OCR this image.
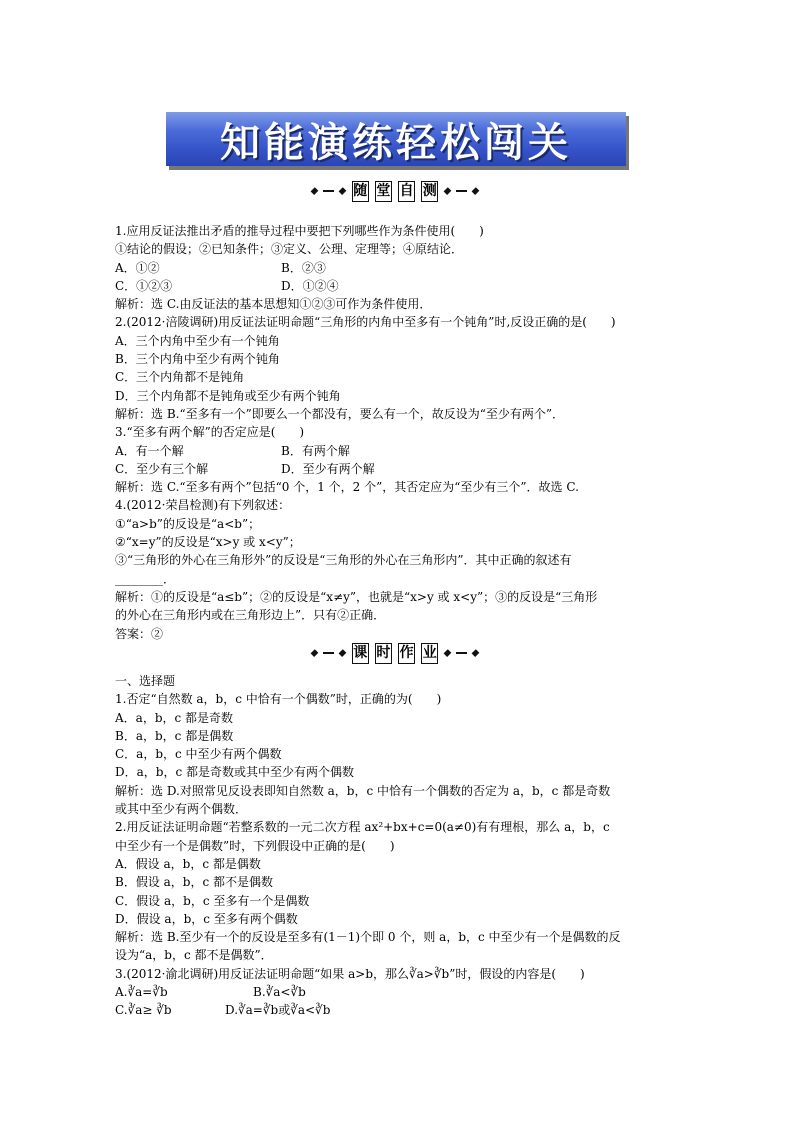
知能演练轻松闯关
随 堂 自 测
1.应用反证法推出矛盾的推导过程中要把下列哪些作为条件使用(　　)
①结论的假设；②已知条件；③定义、公理、定理等；④原结论．
A．①②	B．②③
C．①②③	D．①②④
解析：选 C.由反证法的基本思想知①②③可作为条件使用．
2.(2012·涪陵调研)用反证法证明命题“三角形的内角中至多有一个钝角”时,反设正确的是(　　)
A．三个内角中至少有一个钝角
B．三个内角中至少有两个钝角
C．三个内角都不是钝角
D．三个内角都不是钝角或至少有两个钝角
解析：选 B.“至多有一个”即要么一个都没有，要么有一个，故反设为“至少有两个”．
3.“至多有两个解”的否定应是(　　)
A．有一个解	B．有两个解
C．至少有三个解	D．至少有两个解
解析：选 C.“至多有两个”包括“0 个，1 个，2 个”，其否定应为“至少有三个”．故选 C.
4.(2012·荣昌检测)有下列叙述：
①“a>b”的反设是“a<b”；
②“x=y”的反设是“x>y 或 x<y”；
③“三角形的外心在三角形外”的反设是“三角形的外心在三角形内”．其中正确的叙述有
________．
解析：①的反设是“a≤b”；②的反设是“x≠y”，也就是“x>y 或 x<y”；③的反设是“三角形
的外心在三角形内或在三角形边上”．只有②正确．
答案：②
课 时 作 业
一、选择题
1.否定“自然数 a，b，c 中恰有一个偶数”时，正确的为(　　)
A．a，b，c 都是奇数
B．a，b，c 都是偶数
C．a，b，c 中至少有两个偶数
D．a，b，c 都是奇数或其中至少有两个偶数
解析：选 D.对照常见反设表即知自然数 a，b，c 中恰有一个偶数的否定为 a，b，c 都是奇数
或其中至少有两个偶数．
2.用反证法证明命题“若整系数的一元二次方程 ax²+bx+c=0(a≠0)有有理根，那么 a，b，c
中至少有一个是偶数”时，下列假设中正确的是(　　)
A．假设 a，b，c 都是偶数
B．假设 a，b，c 都不是偶数
C．假设 a，b，c 至多有一个是偶数
D．假设 a，b，c 至多有两个偶数
解析：选 B.至少有一个的反设是至多有(1－1)个即 0 个，则 a，b，c 中至少有一个是偶数的反
设为“a，b，c 都不是偶数”．
3.(2012·渝北调研)用反证法证明命题“如果 a>b，那么∛a>∛b”时，假设的内容是(　　)
A.∛a=∛b	B.∛a<∛b
C.∛a≥ ∛b	D.∛a=∛b或∛a<∛b
